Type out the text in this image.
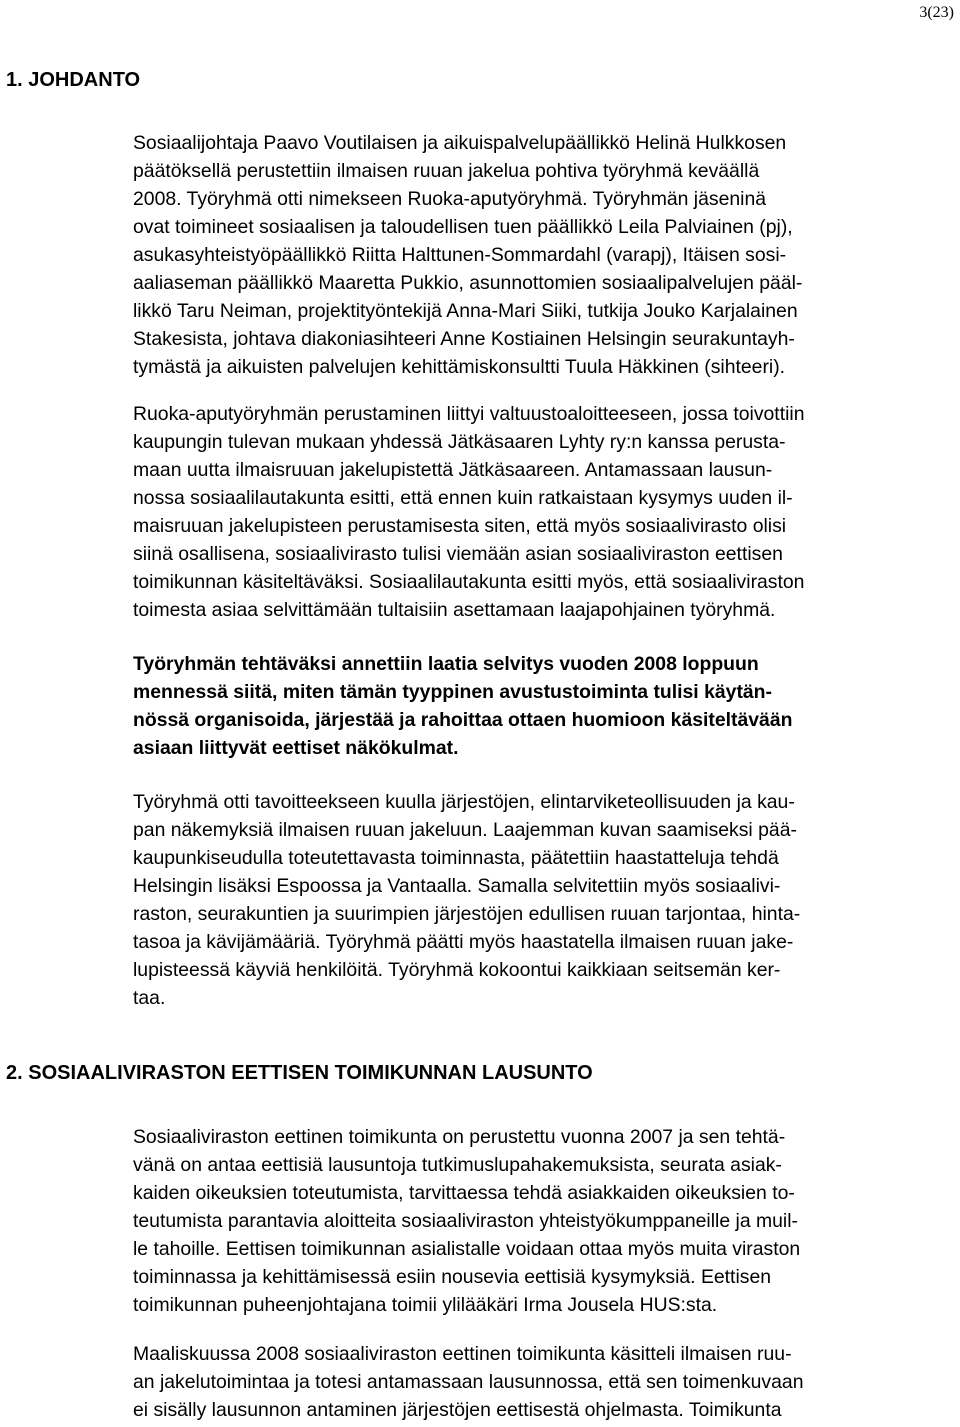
3(23)
1. JOHDANTO
Sosiaalijohtaja Paavo Voutilaisen ja aikuispalvelupäällikkö Helinä Hulkkosen
päätöksellä perustettiin ilmaisen ruuan jakelua pohtiva työryhmä keväällä
2008. Työryhmä otti nimekseen Ruoka-aputyöryhmä. Työryhmän jäseninä
ovat toimineet sosiaalisen ja taloudellisen tuen päällikkö Leila Palviainen (pj),
asukasyhteistyöpäällikkö Riitta Halttunen-Sommardahl (varapj), Itäisen sosi-
aaliaseman päällikkö Maaretta Pukkio, asunnottomien sosiaalipalvelujen pääl-
likkö Taru Neiman, projektityöntekijä Anna-Mari Siiki, tutkija Jouko Karjalainen
Stakesista, johtava diakoniasihteeri Anne Kostiainen Helsingin seurakuntayh-
tymästä ja aikuisten palvelujen kehittämiskonsultti Tuula Häkkinen (sihteeri).
Ruoka-aputyöryhmän perustaminen liittyi valtuustoaloitteeseen, jossa toivottiin
kaupungin tulevan mukaan yhdessä Jätkäsaaren Lyhty ry:n kanssa perusta-
maan uutta ilmaisruuan jakelupistettä Jätkäsaareen. Antamassaan lausun-
nossa sosiaalilautakunta esitti, että ennen kuin ratkaistaan kysymys uuden il-
maisruuan jakelupisteen perustamisesta siten, että myös sosiaalivirasto olisi
siinä osallisena, sosiaalivirasto tulisi viemään asian sosiaaliviraston eettisen
toimikunnan käsiteltäväksi. Sosiaalilautakunta esitti myös, että sosiaaliviraston
toimesta asiaa selvittämään tultaisiin asettamaan laajapohjainen työryhmä.
Työryhmän tehtäväksi annettiin laatia selvitys vuoden 2008 loppuun
mennessä siitä, miten tämän tyyppinen avustustoiminta tulisi käytän-
nössä organisoida, järjestää ja rahoittaa ottaen huomioon käsiteltävään
asiaan liittyvät eettiset näkökulmat.
Työryhmä otti tavoitteekseen kuulla järjestöjen, elintarviketeollisuuden ja kau-
pan näkemyksiä ilmaisen ruuan jakeluun. Laajemman kuvan saamiseksi pää-
kaupunkiseudulla toteutettavasta toiminnasta, päätettiin haastatteluja tehdä
Helsingin lisäksi Espoossa ja Vantaalla. Samalla selvitettiin myös sosiaalivi-
raston, seurakuntien ja suurimpien järjestöjen edullisen ruuan tarjontaa, hinta-
tasoa ja kävijämääriä. Työryhmä päätti myös haastatella ilmaisen ruuan jake-
lupisteessä käyviä henkilöitä. Työryhmä kokoontui kaikkiaan seitsemän ker-
taa.
2. SOSIAALIVIRASTON EETTISEN TOIMIKUNNAN LAUSUNTO
Sosiaaliviraston eettinen toimikunta on perustettu vuonna 2007 ja sen tehtä-
vänä on antaa eettisiä lausuntoja tutkimuslupahakemuksista, seurata asiak-
kaiden oikeuksien toteutumista, tarvittaessa tehdä asiakkaiden oikeuksien to-
teutumista parantavia aloitteita sosiaaliviraston yhteistyökumppaneille ja muil-
le tahoille. Eettisen toimikunnan asialistalle voidaan ottaa myös muita viraston
toiminnassa ja kehittämisessä esiin nousevia eettisiä kysymyksiä. Eettisen
toimikunnan puheenjohtajana toimii ylilääkäri Irma Jousela HUS:sta.
Maaliskuussa 2008 sosiaaliviraston eettinen toimikunta käsitteli ilmaisen ruu-
an jakelutoimintaa ja totesi antamassaan lausunnossa, että sen toimenkuvaan
ei sisälly lausunnon antaminen järjestöjen eettisestä ohjelmasta. Toimikunta
